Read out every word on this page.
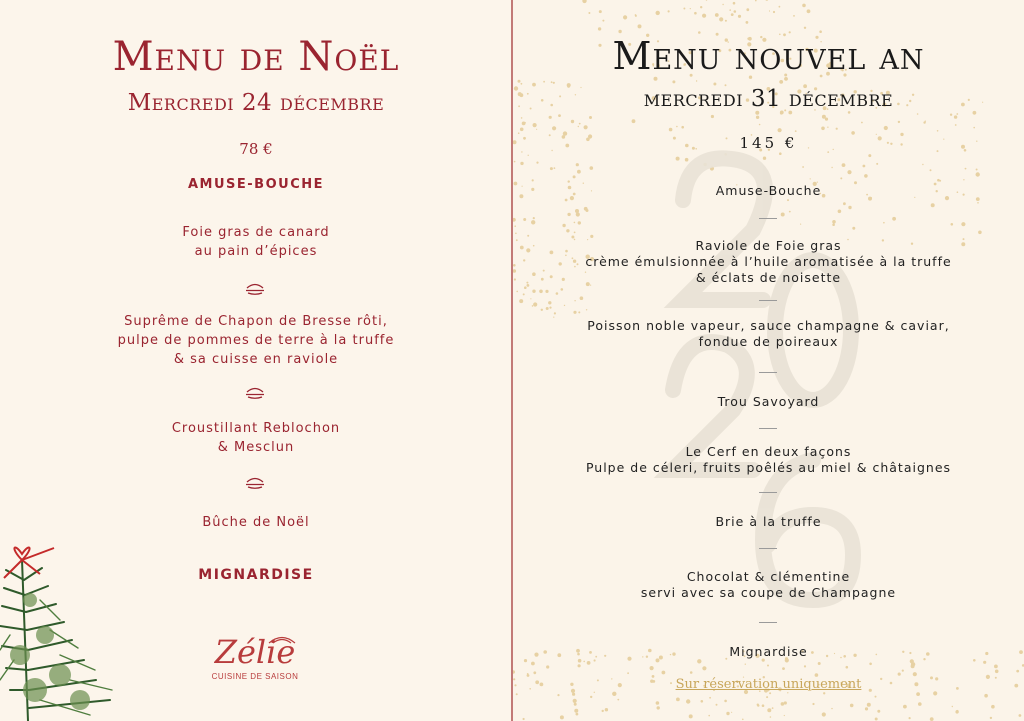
Menu de Noël
Mercredi 24 décembre
78 €
AMUSE-BOUCHE
Foie gras de canard
au pain d’épices
Suprême de Chapon de Bresse rôti,
pulpe de pommes de terre à la truffe
& sa cuisse en raviole
Croustillant Reblochon
& Mesclun
Bûche de Noël
MIGNARDISE
Zélie
CUISINE DE SAISON
Menu nouvel an
mercredi 31 décembre
145 €
Amuse-Bouche
Raviole de Foie gras
crème émulsionnée à l’huile aromatisée à la truffe
& éclats de noisette
Poisson noble vapeur, sauce champagne & caviar,
fondue de poireaux
Trou Savoyard
Le Cerf en deux façons
Pulpe de céleri, fruits poêlés au miel & châtaignes
Brie à la truffe
Chocolat & clémentine
servi avec sa coupe de Champagne
Mignardise
Sur réservation uniquement
